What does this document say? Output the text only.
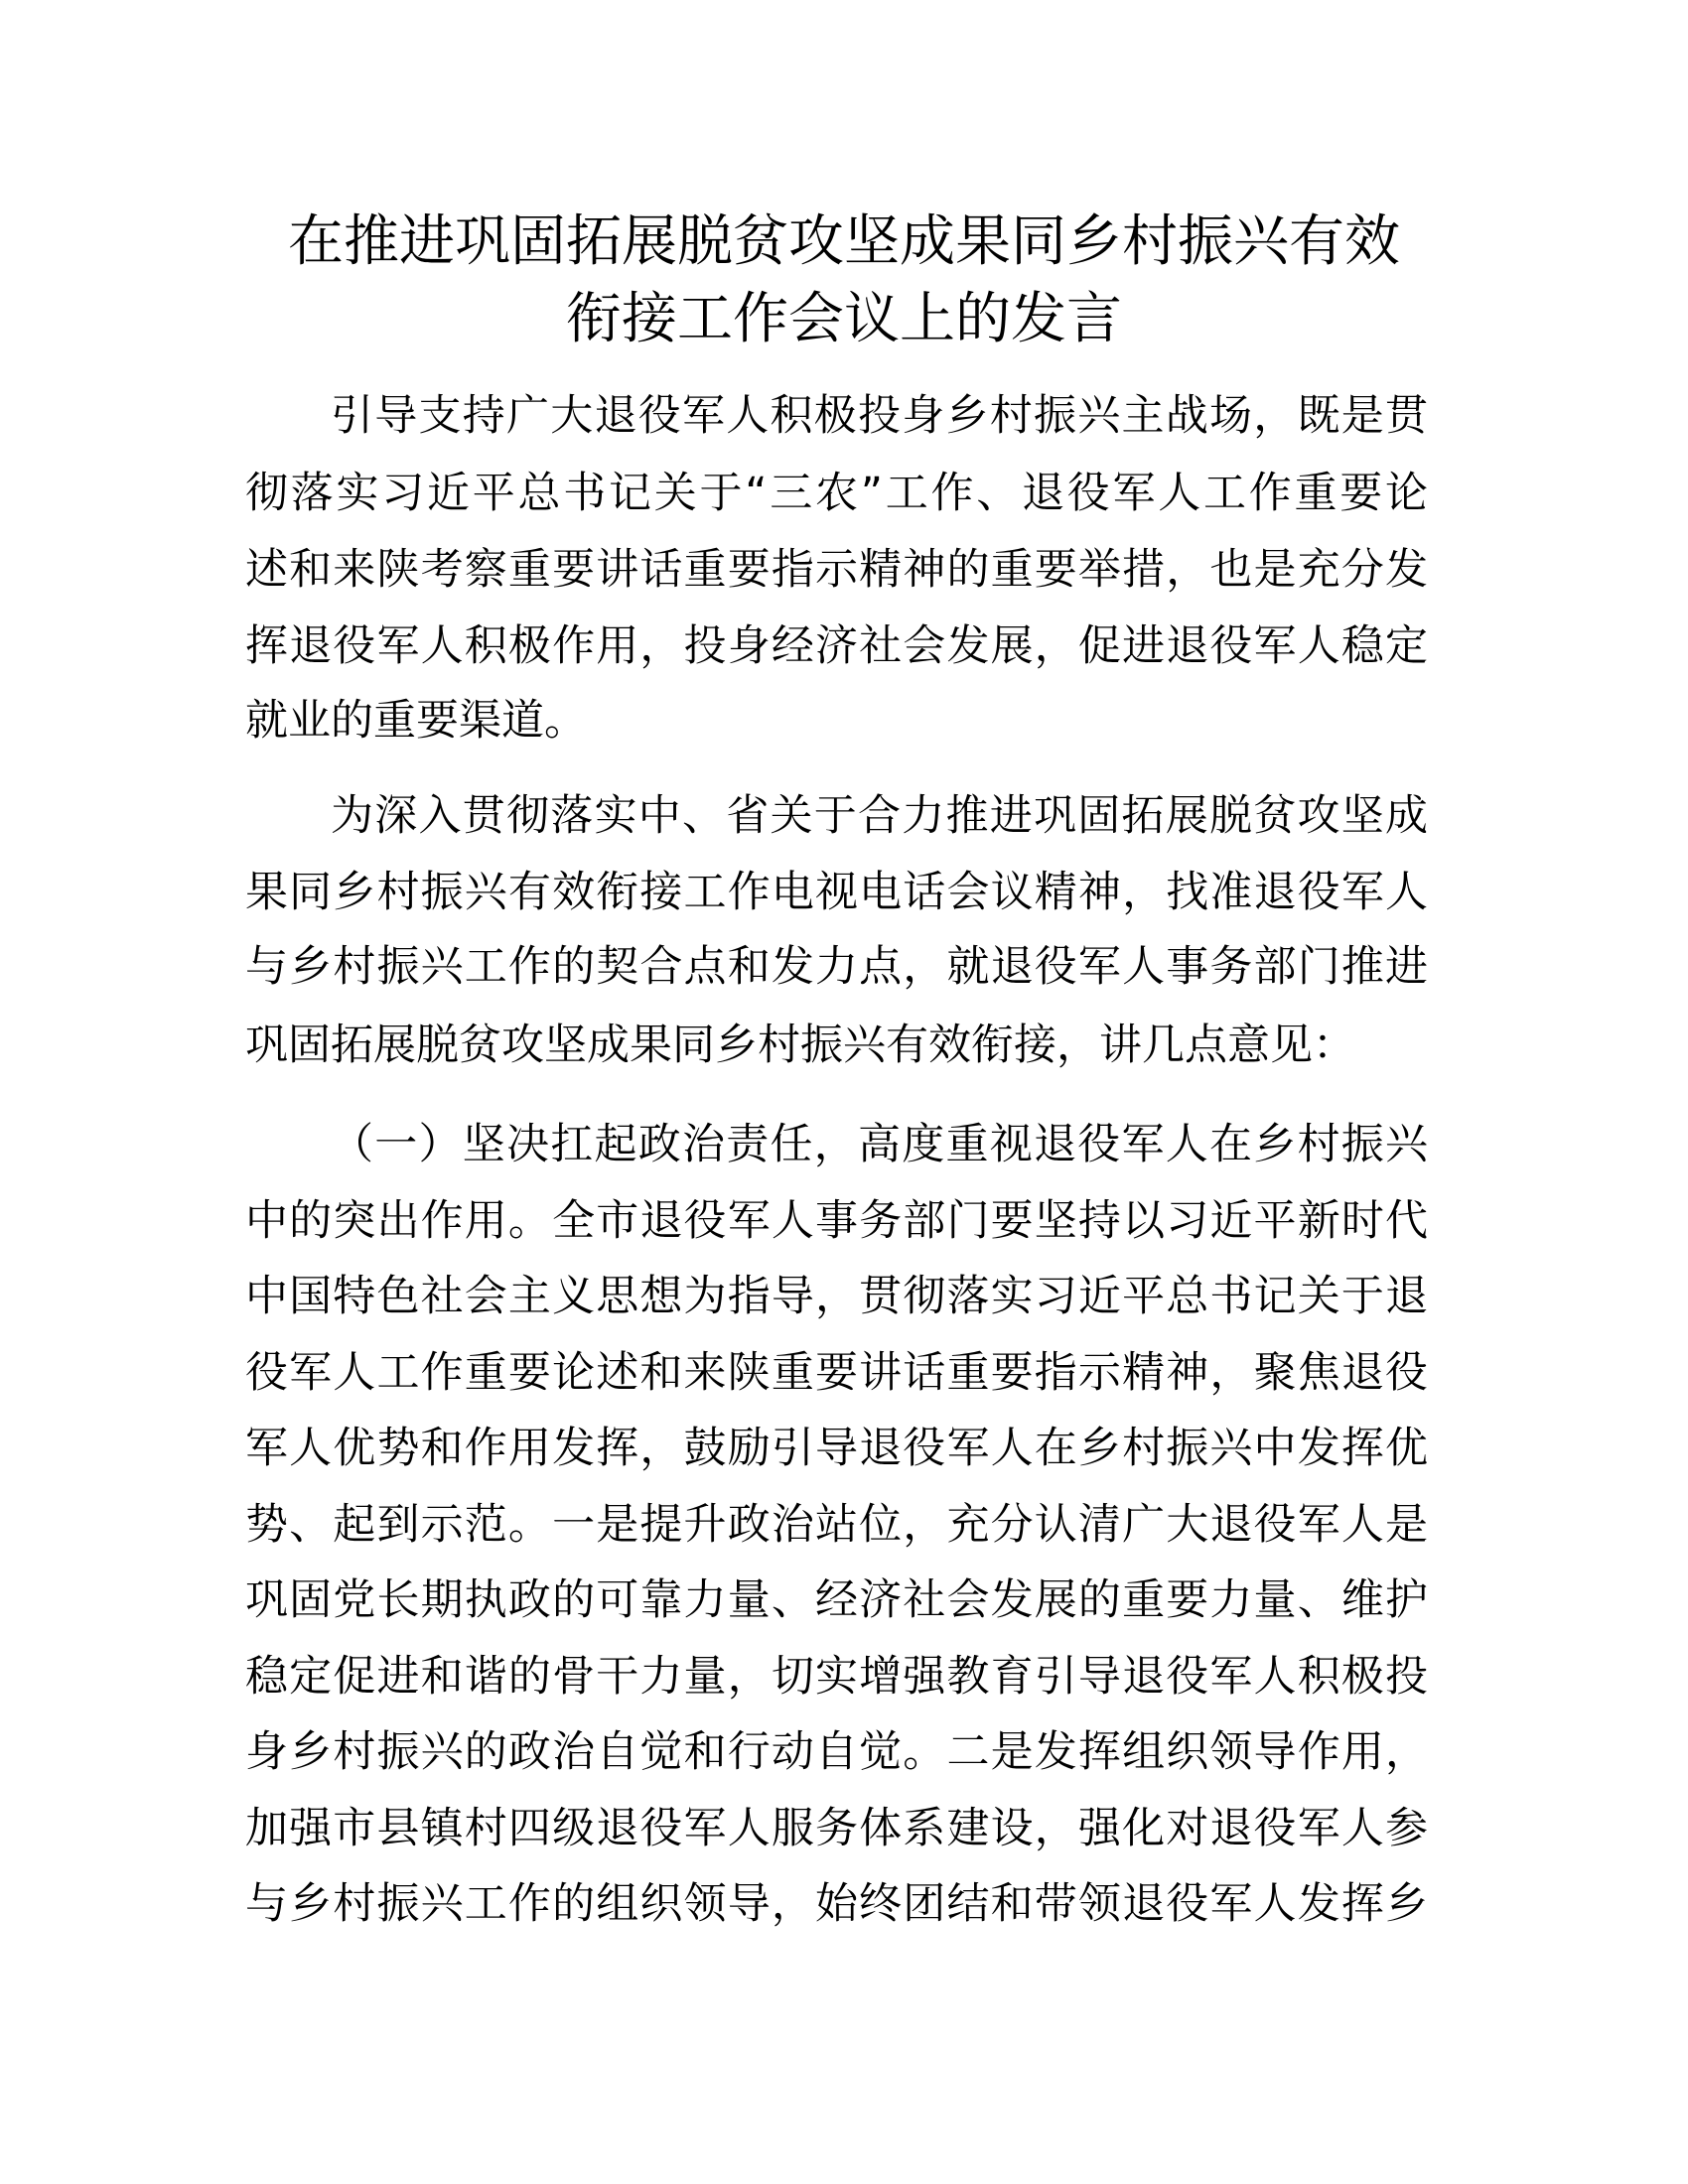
在推进巩固拓展脱贫攻坚成果同乡村振兴有效
衔接工作会议上的发言
引导支持广大退役军人积极投身乡村振兴主战场，既是贯
彻落实习近平总书记关于“三农”工作、退役军人工作重要论
述和来陕考察重要讲话重要指示精神的重要举措，也是充分发
挥退役军人积极作用，投身经济社会发展，促进退役军人稳定
就业的重要渠道。
为深入贯彻落实中、省关于合力推进巩固拓展脱贫攻坚成
果同乡村振兴有效衔接工作电视电话会议精神，找准退役军人
与乡村振兴工作的契合点和发力点，就退役军人事务部门推进
巩固拓展脱贫攻坚成果同乡村振兴有效衔接，讲几点意见：
（一）坚决扛起政治责任，高度重视退役军人在乡村振兴
中的突出作用。全市退役军人事务部门要坚持以习近平新时代
中国特色社会主义思想为指导，贯彻落实习近平总书记关于退
役军人工作重要论述和来陕重要讲话重要指示精神，聚焦退役
军人优势和作用发挥，鼓励引导退役军人在乡村振兴中发挥优
势、起到示范。一是提升政治站位，充分认清广大退役军人是
巩固党长期执政的可靠力量、经济社会发展的重要力量、维护
稳定促进和谐的骨干力量，切实增强教育引导退役军人积极投
身乡村振兴的政治自觉和行动自觉。二是发挥组织领导作用，
加强市县镇村四级退役军人服务体系建设，强化对退役军人参
与乡村振兴工作的组织领导，始终团结和带领退役军人发挥乡
